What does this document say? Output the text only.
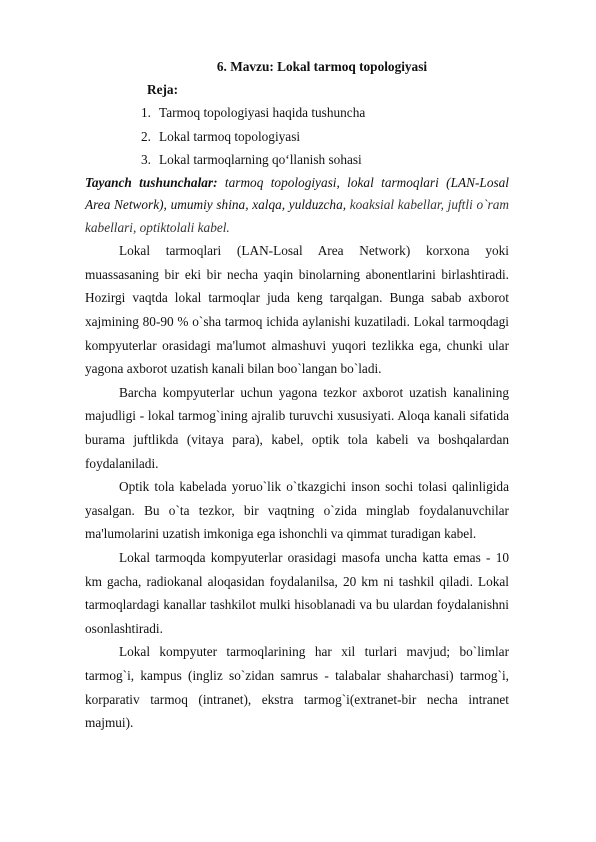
6. Mavzu: Lokal tarmoq topologiyasi
Reja:
1. Tarmoq topologiyasi haqida tushuncha
2. Lokal tarmoq topologiyasi
3. Lokal tarmoqlarning qo‘llanish sohasi

Tayanch tushunchalar: tarmoq topologiyasi, lokal tarmoqlari (LAN-Losal Area Network), umumiy shina, xalqa, yulduzcha, koaksial kabellar, juftli o`ram kabellari, optiktolali kabel.

Lokal tarmoqlari (LAN-Losal Area Network) korxona yoki muassasaning bir eki bir necha yaqin binolarning abonentlarini birlashtiradi. Hozirgi vaqtda lokal tarmoqlar juda keng tarqalgan. Bunga sabab axborot xajmining 80-90 % o`sha tarmoq ichida aylanishi kuzatiladi. Lokal tarmoqdagi kompyuterlar orasidagi ma'lumot almashuvi yuqori tezlikka ega, chunki ular yagona axborot uzatish kanali bilan boo`langan bo`ladi.

Barcha kompyuterlar uchun yagona tezkor axborot uzatish kanalining majudligi - lokal tarmog`ining ajralib turuvchi xususiyati. Aloqa kanali sifatida burama juftlikda (vitaya para), kabel, optik tola kabeli va boshqalardan foydalaniladi.

Optik tola kabelada yoruo`lik o`tkazgichi inson sochi tolasi qalinligida yasalgan. Bu o`ta tezkor, bir vaqtning o`zida minglab foydalanuvchilar ma'lumolarini uzatish imkoniga ega ishonchli va qimmat turadigan kabel.

Lokal tarmoqda kompyuterlar orasidagi masofa uncha katta emas - 10 km gacha, radiokanal aloqasidan foydalanilsa, 20 km ni tashkil qiladi. Lokal tarmoqlardagi kanallar tashkilot mulki hisoblanadi va bu ulardan foydalanishni osonlashtiradi.

Lokal kompyuter tarmoqlarining har xil turlari mavjud; bo`limlar tarmog`i, kampus (ingliz so`zidan samrus - talabalar shaharchasi) tarmog`i, korparativ tarmoq (intranet), ekstra tarmog`i(extranet-bir necha intranet majmui).
